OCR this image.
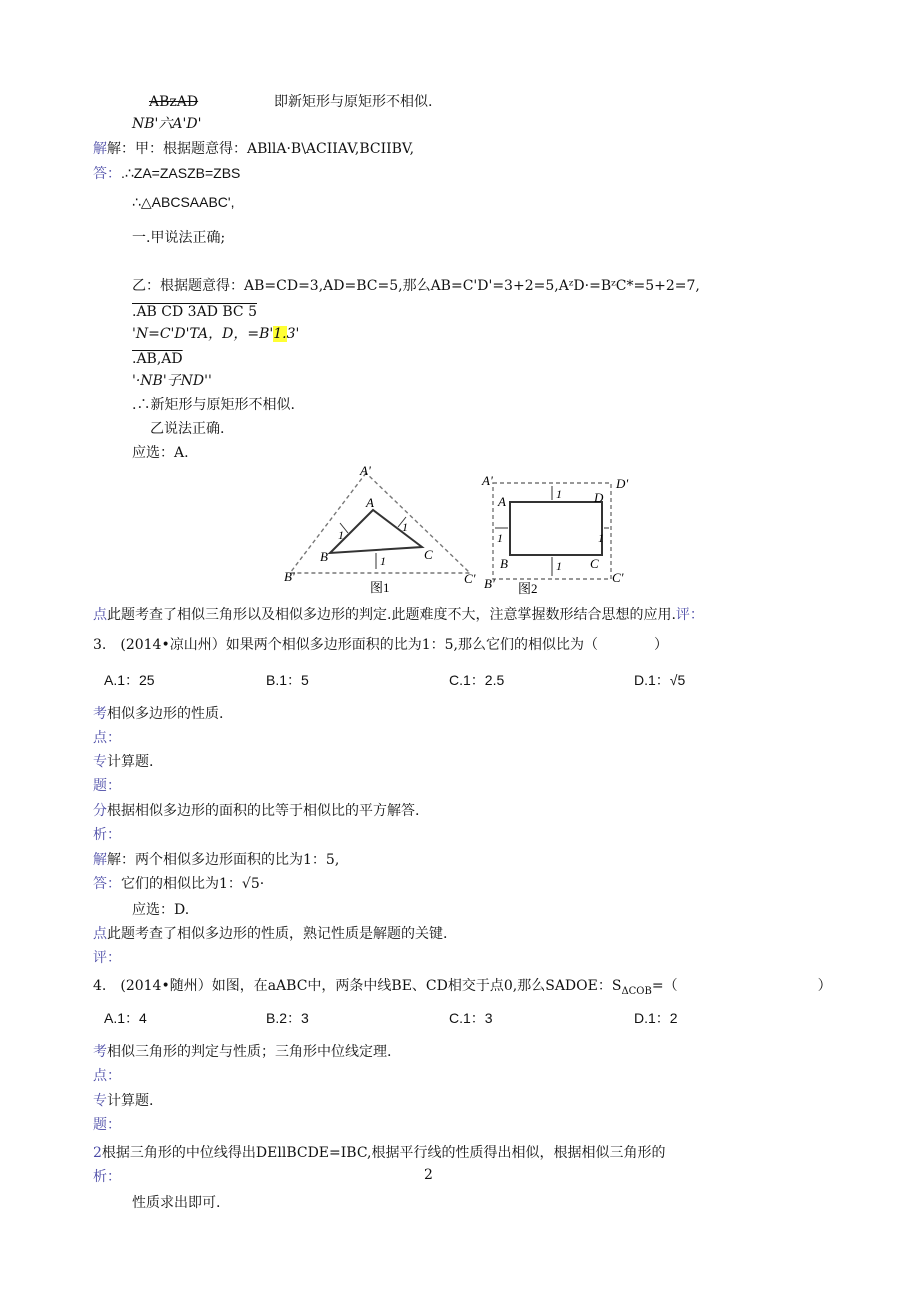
ABzAD	即新矩形与原矩形不相似.
NB'六A'D'
解解：甲：根据题意得：ABllA·B\ACIIAV,BCIIBV,
答：.∴ZA=ZASZB=ZBS
∴△ABCSAABC',
一.甲说法正确;
乙：根据题意得：AB=CD=3,AD=BC=5,那么AB=C'D'=3+2=5,AᶻD·=BᶻC*=5+2=7,
.AB CD 3AD BC 5
'N=C'D'TA，D，=B'1.3'
.AB,AD
'·NB'子ND''
.∴新矩形与原矩形不相似.
乙说法正确.
应选：A.
A'
A
B	C
B'	C'
1
1
1
图1
A'
A	D
D'
B
B'
C
C'
1
1
1	1
图2
点此题考查了相似三角形以及相似多边形的判定.此题难度不大，注意掌握数形结合思想的应用.评：
3.　(2014•凉山州）如果两个相似多边形面积的比为1：5,那么它们的相似比为（　　　　）
A.1：25	B.1：5	C.1：2.5	D.1：√5
考相似多边形的性质.
点：
专计算题.
题：
分根据相似多边形的面积的比等于相似比的平方解答.
析：
解解：两个相似多边形面积的比为1：5,
答：它们的相似比为1：√5·
应选：D.
点此题考查了相似多边形的性质，熟记性质是解题的关键.
评：
4.　(2014•随州）如图，在aABC中，两条中线BE、CD相交于点0,那么SADOE：$S_{\Delta COB}=$（　　　　　　　　　　）
A.1：4	B.2：3	C.1：3	D.1：2
考相似三角形的判定与性质；三角形中位线定理.
点：
专计算题.
题：
2根据三角形的中位线得出DEllBCDE=IBC,根据平行线的性质得出相似，根据相似三角形的
析：	2
性质求出即可.
